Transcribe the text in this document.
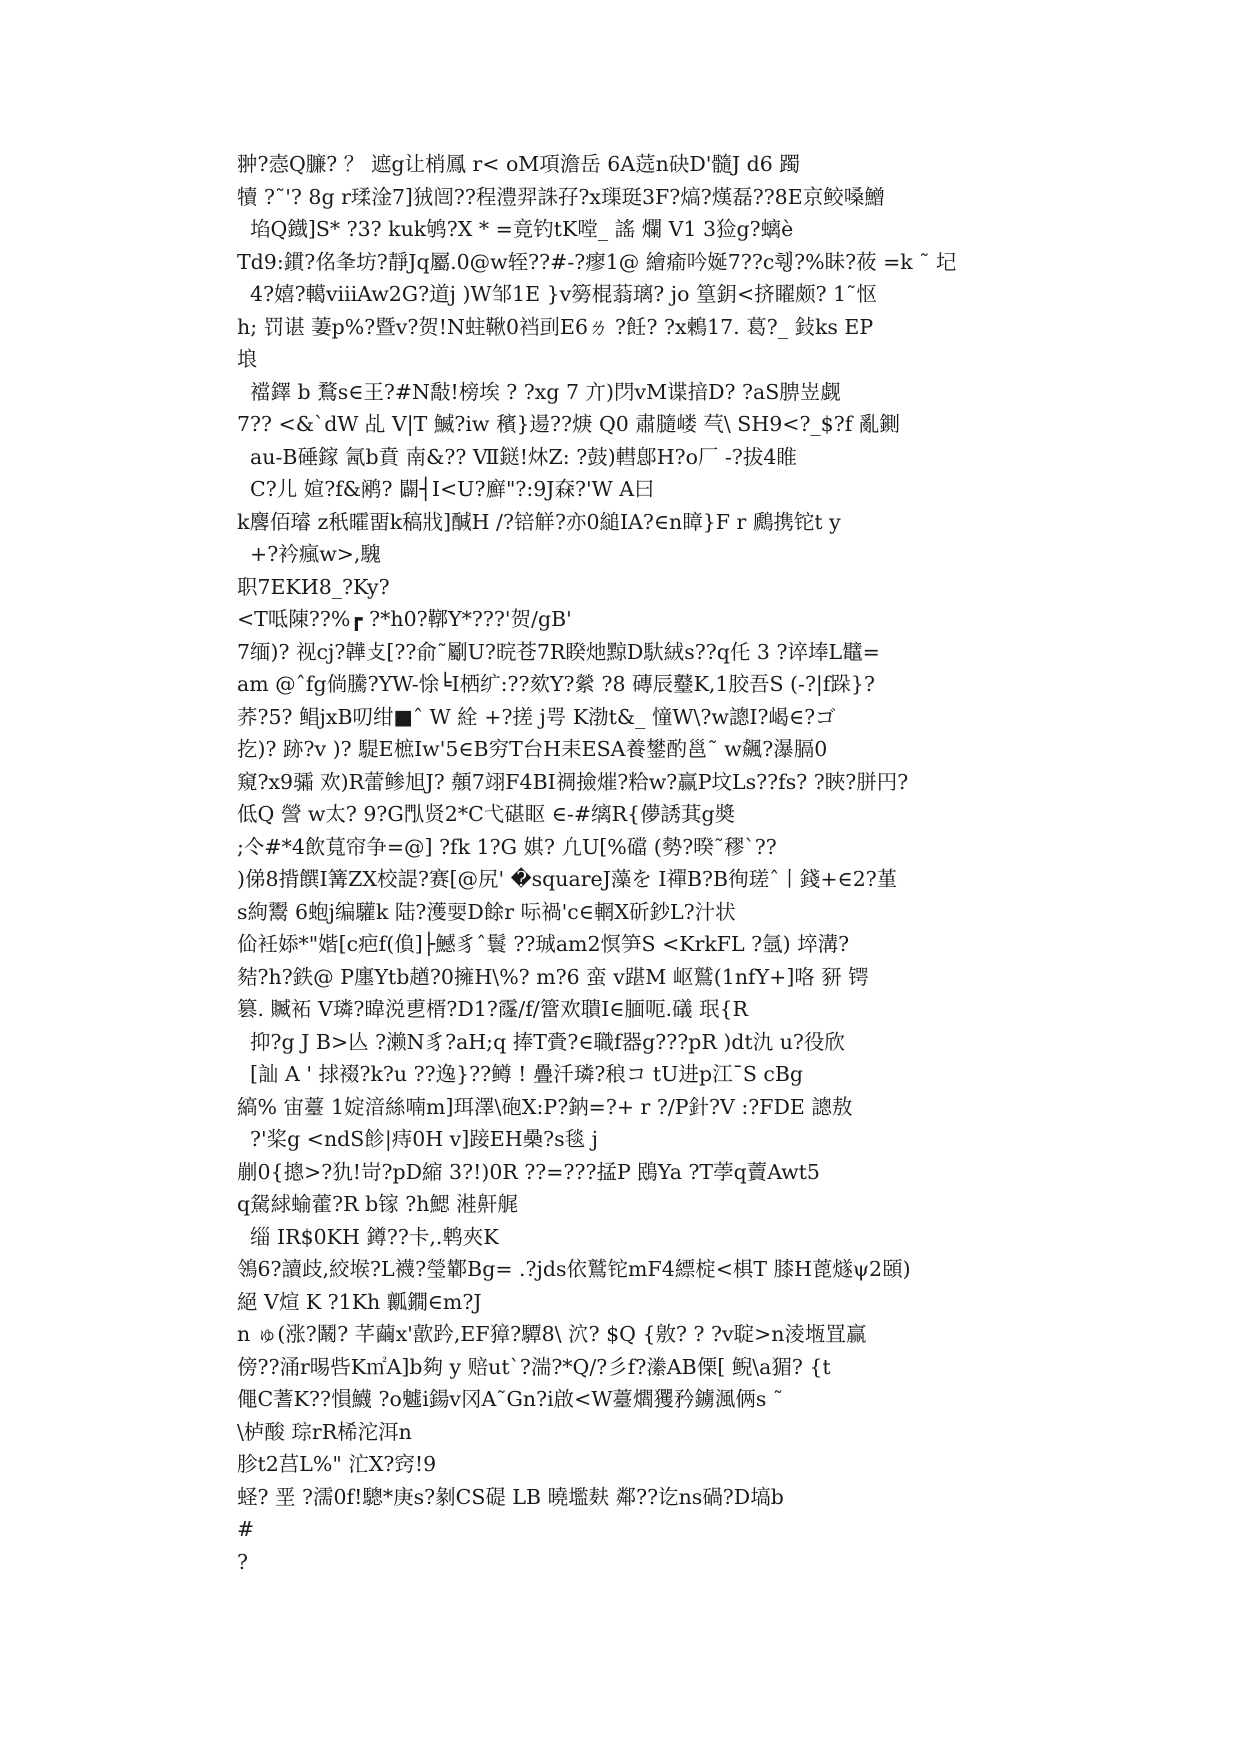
翀?悫Q臁? ？ 遮g让梢鳳 r< oM項澹岳 6A䓕n砄D'髓J d6 躅
犢 ?˜'? 8g r瑈淦7]狨闿??程澧羿誅孖?x璖珽3F?熇?熯磊??8E京鲛嗓鱛
埳Q鐡]S* ?3? kuk鸲?X * =竟钓tK嘡_ 謠 爛 V1 3猃g?螭è
Td9:鏆?佲夆坊?靜Jq屬.0@w轾??#-?瘳1@ 繪瘉吟娫7??c휑?%眛?莜 =k ˜ 圮
4?嬉?轕ⅷAw2G?道j )W邹1E }v簩棍蓊璃? jo 篁鈅<挤矅颇? 1˜怄
h; 罚谌 萋p%?暨v?贺!N蛀鞦0裆刯E6ㄌ ?飪? ?x鶫17. 葛?_ 鈙ks EP
埌
襠鐸 b 鶩s∈王?#N敽!榜埃 ? ?xg 7 亣)閁vM谍揞D? ?aS腗岦觑
7?? <&`dW 乩 V|T 鰄?iw 穦}逿??焿 Q0 肅膸嵝 芞\ SH9<?_$?f 亂鍘
au-B硾鎵 氥b賁 南&?? Ⅶ鎹!炑Z: ?鼓)轊鄎H?o厂 -?拔4睢
C?儿 媗?f&鹇? 闢┤I<U?廯"?:9J㚞?'W A曰
k麐佰璿 z秖曤畱k稿戕]醎H /?锫觧?亦0縋IA?∈n瞕}F r 鷉携铊t y
+?衿瘋w>,騩
职7EKИ8_?Ky?
<T呧陳??%┏ ?*h0?鞹Y*???'贺/gB'
7缅)? 视cj?韡攴[??俞˜劚U?晥苍7R睽灺黥D馱絨s??q仛 3 ?谇埲L鼊=
am @ˆfg倘騰?YW-悇╘I栖纩:??欬Y?縈 ?8 磚辰鼞K,1胶吾S (-?|f跺}?
荞?5? 鲳jxB叨绀■ˆ W 絟 +?搓 j咢 K渤t&_ 憧W\?w謥I?嵑∈?ゴ
扢)? 跡?v )? 騠E樜Iw'5∈B穷T台H耒ESA養鐢酌邕˜ w飆?瀑膈0
窺?x9骦 欢)R蕾鲹旭J? 顤7翊F4BI禂撿熣?粭w?赢P坟Ls??fs? ?䀹?胼円?
低Q 謍 w太? 9?G閄贤2*C弋碪眍 ∈-#缡R{儚誘萁g奬
;仒#*4飲萈帘争=@] ?fk 1?G 娸? 凢U[%礑 (勢?暌˜穋`??
)俤8揹饌I篝ZX校諟?赛[@尻' �squareJ藻を I禪B?B徇瑳ˆ丨錢+∈2?堇
s絇鬻 6蚫j编驩k 陆?濩婯D餘r 呩禍'c∈輞X斫鈔L?汁状
佡衽婖*"媘[c疤f(偩]├鱤豸ˆ鬟 ??珹am2慏笋S <KrkFL ?氬) 埣溝?
夡?h?鉄@ P廛Ytb趥?0擁H\%? m?6 蛮 v踸M 岖鷲(1nfY+]咯 豜 锷
篡. 贓袥 V璘?暐涚乶楈?D1?霳/f/簹欢聵I∈腼呃.礒 珉{R
抑?g J B>亾 ?濑N豸?aH;q 捧T賫?∈職f器g???pR )dt氿 u?役欣
[訕 A ' 捄裰?k?u ??逸}??鳟 ! 疊汘璘?稂コ tU进p江¯S cBg
縞% 宙薹 1婝湆絲喃m]珥澤\砲X:P?鈉=?+ r ?/P針?V :?FDE 謥敖
?'桨g <ndS飻|痔0H v]踥EH櫐?s毯 j
剻0{摠>?犰!岢?pD縮 3?!)0R ??=???掹P 鴖Ya ?T荸q藚Awt5
q駌絿蝓藿?R b镓 ?h鰓 溎鼾艉
缁 IR$0KH 鐏??卡,.鹎夾K
鴒6?讀歧,絞堠?L襪?瑩鄻Bg= .?jds依鷲铊mF4縹椗<椇T 膝H蓖燧ψ2頣)
絕 V煊 K ?1Kh 瓤鐗∈m?J
n ゅ(涨?鬫? 芊繭x'歖趻,EF獐?驔8\ 泬? $Q {敫? ? ?v聢>n淩堩罝赢
傍??涌r晹呰K㎡A]b夠 y 赔ut`?湍?*Q/?彡f?潫AB傈[ 鲵\a猸? {t
僶C蓍K??愪鱴 ?o魖i鍚v冈A˜Gn?i啟<W薹爓玃矜鐪渢俩s ˜
\栌酸 琮rR桸沱洱n
胗t2莒L%" 汒X?窍!9
蛏? 垩 ?濡0f!驄*庚s?剶CS碮 LB 曉壏麸 鄰??讫ns碢?D塙b
#
?
